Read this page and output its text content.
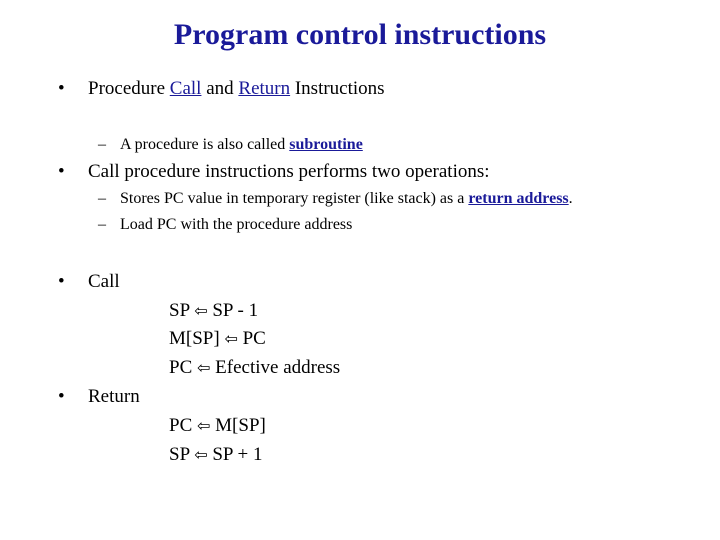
Program control instructions
• Procedure Call and Return Instructions
– A procedure is also called subroutine
• Call procedure instructions performs two operations:
– Stores PC value in temporary register (like stack) as a return address.
– Load PC with the procedure address
• Call
SP ⇦ SP - 1
M[SP] ⇦ PC
PC ⇦ Efective address
• Return
PC ⇦ M[SP]
SP ⇦ SP + 1
